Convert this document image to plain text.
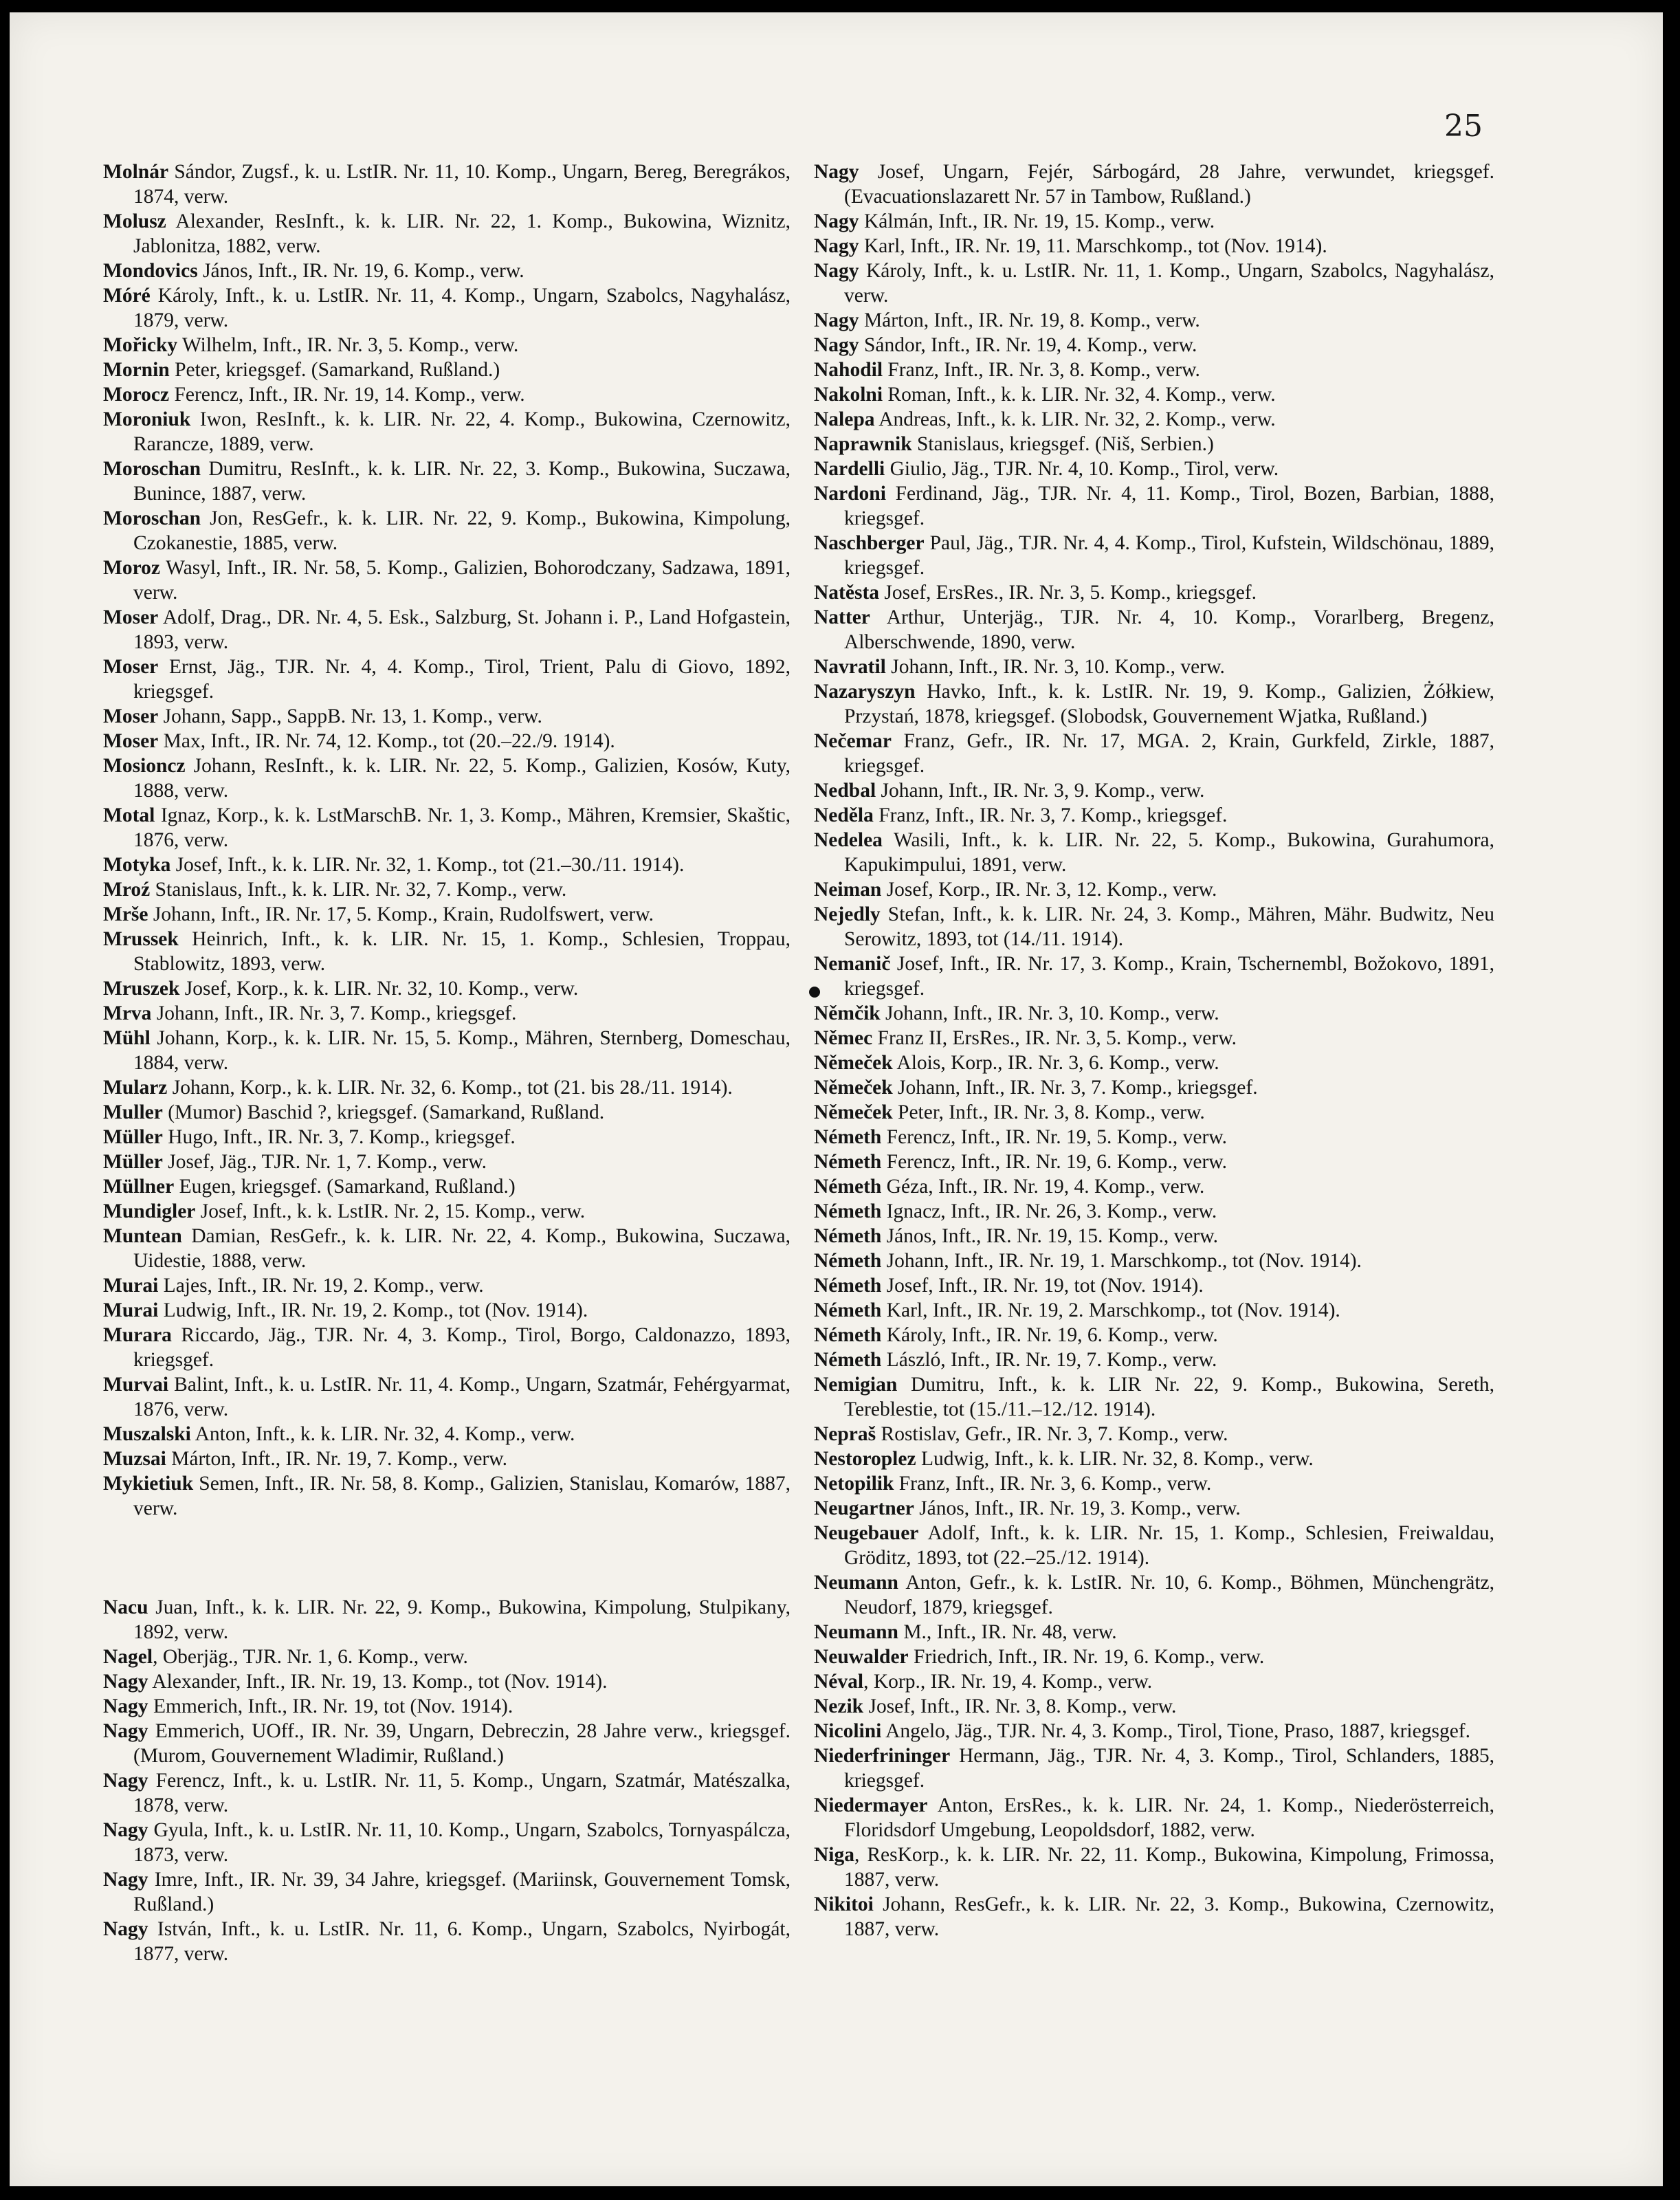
25

Molnár Sándor, Zugsf., k. u. LstIR. Nr. 11, 10. Komp., Ungarn, Bereg, Beregrákos, 1874, verw.

Molusz Alexander, ResInft., k. k. LIR. Nr. 22, 1. Komp., Bukowina, Wiznitz, Jablonitza, 1882, verw.

Mondovics János, Inft., IR. Nr. 19, 6. Komp., verw.

Móré Károly, Inft., k. u. LstIR. Nr. 11, 4. Komp., Ungarn, Szabolcs, Nagyhalász, 1879, verw.

Mořicky Wilhelm, Inft., IR. Nr. 3, 5. Komp., verw.

Mornin Peter, kriegsgef. (Samarkand, Rußland.)

Morocz Ferencz, Inft., IR. Nr. 19, 14. Komp., verw.

Moroniuk Iwon, ResInft., k. k. LIR. Nr. 22, 4. Komp., Bukowina, Czernowitz, Rarancze, 1889, verw.

Moroschan Dumitru, ResInft., k. k. LIR. Nr. 22, 3. Komp., Bukowina, Suczawa, Bunince, 1887, verw.

Moroschan Jon, ResGefr., k. k. LIR. Nr. 22, 9. Komp., Bukowina, Kimpolung, Czokanestie, 1885, verw.

Moroz Wasyl, Inft., IR. Nr. 58, 5. Komp., Galizien, Bohorodczany, Sadzawa, 1891, verw.

Moser Adolf, Drag., DR. Nr. 4, 5. Esk., Salzburg, St. Johann i. P., Land Hofgastein, 1893, verw.

Moser Ernst, Jäg., TJR. Nr. 4, 4. Komp., Tirol, Trient, Palu di Giovo, 1892, kriegsgef.

Moser Johann, Sapp., SappB. Nr. 13, 1. Komp., verw.

Moser Max, Inft., IR. Nr. 74, 12. Komp., tot (20.–22./9. 1914).

Mosioncz Johann, ResInft., k. k. LIR. Nr. 22, 5. Komp., Galizien, Kosów, Kuty, 1888, verw.

Motal Ignaz, Korp., k. k. LstMarschB. Nr. 1, 3. Komp., Mähren, Kremsier, Skaštic, 1876, verw.

Motyka Josef, Inft., k. k. LIR. Nr. 32, 1. Komp., tot (21.–30./11. 1914).

Mroź Stanislaus, Inft., k. k. LIR. Nr. 32, 7. Komp., verw.

Mrše Johann, Inft., IR. Nr. 17, 5. Komp., Krain, Rudolfswert, verw.

Mrussek Heinrich, Inft., k. k. LIR. Nr. 15, 1. Komp., Schlesien, Troppau, Stablowitz, 1893, verw.

Mruszek Josef, Korp., k. k. LIR. Nr. 32, 10. Komp., verw.

Mrva Johann, Inft., IR. Nr. 3, 7. Komp., kriegsgef.

Mühl Johann, Korp., k. k. LIR. Nr. 15, 5. Komp., Mähren, Sternberg, Domeschau, 1884, verw.

Mularz Johann, Korp., k. k. LIR. Nr. 32, 6. Komp., tot (21. bis 28./11. 1914).

Muller (Mumor) Baschid ?, kriegsgef. (Samarkand, Rußland.

Müller Hugo, Inft., IR. Nr. 3, 7. Komp., kriegsgef.

Müller Josef, Jäg., TJR. Nr. 1, 7. Komp., verw.

Müllner Eugen, kriegsgef. (Samarkand, Rußland.)

Mundigler Josef, Inft., k. k. LstIR. Nr. 2, 15. Komp., verw.

Muntean Damian, ResGefr., k. k. LIR. Nr. 22, 4. Komp., Bukowina, Suczawa, Uidestie, 1888, verw.

Murai Lajes, Inft., IR. Nr. 19, 2. Komp., verw.

Murai Ludwig, Inft., IR. Nr. 19, 2. Komp., tot (Nov. 1914).

Murara Riccardo, Jäg., TJR. Nr. 4, 3. Komp., Tirol, Borgo, Caldonazzo, 1893, kriegsgef.

Murvai Balint, Inft., k. u. LstIR. Nr. 11, 4. Komp., Ungarn, Szatmár, Fehérgyarmat, 1876, verw.

Muszalski Anton, Inft., k. k. LIR. Nr. 32, 4. Komp., verw.

Muzsai Márton, Inft., IR. Nr. 19, 7. Komp., verw.

Mykietiuk Semen, Inft., IR. Nr. 58, 8. Komp., Galizien, Stanislau, Komarów, 1887, verw.

Nacu Juan, Inft., k. k. LIR. Nr. 22, 9. Komp., Bukowina, Kimpolung, Stulpikany, 1892, verw.

Nagel, Oberjäg., TJR. Nr. 1, 6. Komp., verw.

Nagy Alexander, Inft., IR. Nr. 19, 13. Komp., tot (Nov. 1914).

Nagy Emmerich, Inft., IR. Nr. 19, tot (Nov. 1914).

Nagy Emmerich, UOff., IR. Nr. 39, Ungarn, Debreczin, 28 Jahre verw., kriegsgef. (Murom, Gouvernement Wladimir, Rußland.)

Nagy Ferencz, Inft., k. u. LstIR. Nr. 11, 5. Komp., Ungarn, Szatmár, Matészalka, 1878, verw.

Nagy Gyula, Inft., k. u. LstIR. Nr. 11, 10. Komp., Ungarn, Szabolcs, Tornyaspálcza, 1873, verw.

Nagy Imre, Inft., IR. Nr. 39, 34 Jahre, kriegsgef. (Mariinsk, Gouvernement Tomsk, Rußland.)

Nagy István, Inft., k. u. LstIR. Nr. 11, 6. Komp., Ungarn, Szabolcs, Nyirbogát, 1877, verw.

Nagy Josef, Ungarn, Fejér, Sárbogárd, 28 Jahre, verwundet, kriegsgef. (Evacuationslazarett Nr. 57 in Tambow, Rußland.)

Nagy Kálmán, Inft., IR. Nr. 19, 15. Komp., verw.

Nagy Karl, Inft., IR. Nr. 19, 11. Marschkomp., tot (Nov. 1914).

Nagy Károly, Inft., k. u. LstIR. Nr. 11, 1. Komp., Ungarn, Szabolcs, Nagyhalász, verw.

Nagy Márton, Inft., IR. Nr. 19, 8. Komp., verw.

Nagy Sándor, Inft., IR. Nr. 19, 4. Komp., verw.

Nahodil Franz, Inft., IR. Nr. 3, 8. Komp., verw.

Nakolni Roman, Inft., k. k. LIR. Nr. 32, 4. Komp., verw.

Nalepa Andreas, Inft., k. k. LIR. Nr. 32, 2. Komp., verw.

Naprawnik Stanislaus, kriegsgef. (Niš, Serbien.)

Nardelli Giulio, Jäg., TJR. Nr. 4, 10. Komp., Tirol, verw.

Nardoni Ferdinand, Jäg., TJR. Nr. 4, 11. Komp., Tirol, Bozen, Barbian, 1888, kriegsgef.

Naschberger Paul, Jäg., TJR. Nr. 4, 4. Komp., Tirol, Kufstein, Wildschönau, 1889, kriegsgef.

Natěsta Josef, ErsRes., IR. Nr. 3, 5. Komp., kriegsgef.

Natter Arthur, Unterjäg., TJR. Nr. 4, 10. Komp., Vorarlberg, Bregenz, Alberschwende, 1890, verw.

Navratil Johann, Inft., IR. Nr. 3, 10. Komp., verw.

Nazaryszyn Havko, Inft., k. k. LstIR. Nr. 19, 9. Komp., Galizien, Żółkiew, Przystań, 1878, kriegsgef. (Slobodsk, Gouvernement Wjatka, Rußland.)

Nečemar Franz, Gefr., IR. Nr. 17, MGA. 2, Krain, Gurkfeld, Zirkle, 1887, kriegsgef.

Nedbal Johann, Inft., IR. Nr. 3, 9. Komp., verw.

Neděla Franz, Inft., IR. Nr. 3, 7. Komp., kriegsgef.

Nedelea Wasili, Inft., k. k. LIR. Nr. 22, 5. Komp., Bukowina, Gurahumora, Kapukimpului, 1891, verw.

Neiman Josef, Korp., IR. Nr. 3, 12. Komp., verw.

Nejedly Stefan, Inft., k. k. LIR. Nr. 24, 3. Komp., Mähren, Mähr. Budwitz, Neu Serowitz, 1893, tot (14./11. 1914).

Nemanič Josef, Inft., IR. Nr. 17, 3. Komp., Krain, Tschernembl, Božokovo, 1891, kriegsgef.

Němčik Johann, Inft., IR. Nr. 3, 10. Komp., verw.

Němec Franz II, ErsRes., IR. Nr. 3, 5. Komp., verw.

Němeček Alois, Korp., IR. Nr. 3, 6. Komp., verw.

Němeček Johann, Inft., IR. Nr. 3, 7. Komp., kriegsgef.

Němeček Peter, Inft., IR. Nr. 3, 8. Komp., verw.

Németh Ferencz, Inft., IR. Nr. 19, 5. Komp., verw.

Németh Ferencz, Inft., IR. Nr. 19, 6. Komp., verw.

Németh Géza, Inft., IR. Nr. 19, 4. Komp., verw.

Németh Ignacz, Inft., IR. Nr. 26, 3. Komp., verw.

Németh János, Inft., IR. Nr. 19, 15. Komp., verw.

Németh Johann, Inft., IR. Nr. 19, 1. Marschkomp., tot (Nov. 1914).

Németh Josef, Inft., IR. Nr. 19, tot (Nov. 1914).

Németh Karl, Inft., IR. Nr. 19, 2. Marschkomp., tot (Nov. 1914).

Németh Károly, Inft., IR. Nr. 19, 6. Komp., verw.

Németh László, Inft., IR. Nr. 19, 7. Komp., verw.

Nemigian Dumitru, Inft., k. k. LIR Nr. 22, 9. Komp., Bukowina, Sereth, Tereblestie, tot (15./11.–12./12. 1914).

Nepraš Rostislav, Gefr., IR. Nr. 3, 7. Komp., verw.

Nestoroplez Ludwig, Inft., k. k. LIR. Nr. 32, 8. Komp., verw.

Netopilik Franz, Inft., IR. Nr. 3, 6. Komp., verw.

Neugartner János, Inft., IR. Nr. 19, 3. Komp., verw.

Neugebauer Adolf, Inft., k. k. LIR. Nr. 15, 1. Komp., Schlesien, Freiwaldau, Gröditz, 1893, tot (22.–25./12. 1914).

Neumann Anton, Gefr., k. k. LstIR. Nr. 10, 6. Komp., Böhmen, Münchengrätz, Neudorf, 1879, kriegsgef.

Neumann M., Inft., IR. Nr. 48, verw.

Neuwalder Friedrich, Inft., IR. Nr. 19, 6. Komp., verw.

Néval, Korp., IR. Nr. 19, 4. Komp., verw.

Nezik Josef, Inft., IR. Nr. 3, 8. Komp., verw.

Nicolini Angelo, Jäg., TJR. Nr. 4, 3. Komp., Tirol, Tione, Praso, 1887, kriegsgef.

Niederfrininger Hermann, Jäg., TJR. Nr. 4, 3. Komp., Tirol, Schlanders, 1885, kriegsgef.

Niedermayer Anton, ErsRes., k. k. LIR. Nr. 24, 1. Komp., Niederösterreich, Floridsdorf Umgebung, Leopoldsdorf, 1882, verw.

Niga, ResKorp., k. k. LIR. Nr. 22, 11. Komp., Bukowina, Kimpolung, Frimossa, 1887, verw.

Nikitoi Johann, ResGefr., k. k. LIR. Nr. 22, 3. Komp., Bukowina, Czernowitz, 1887, verw.
